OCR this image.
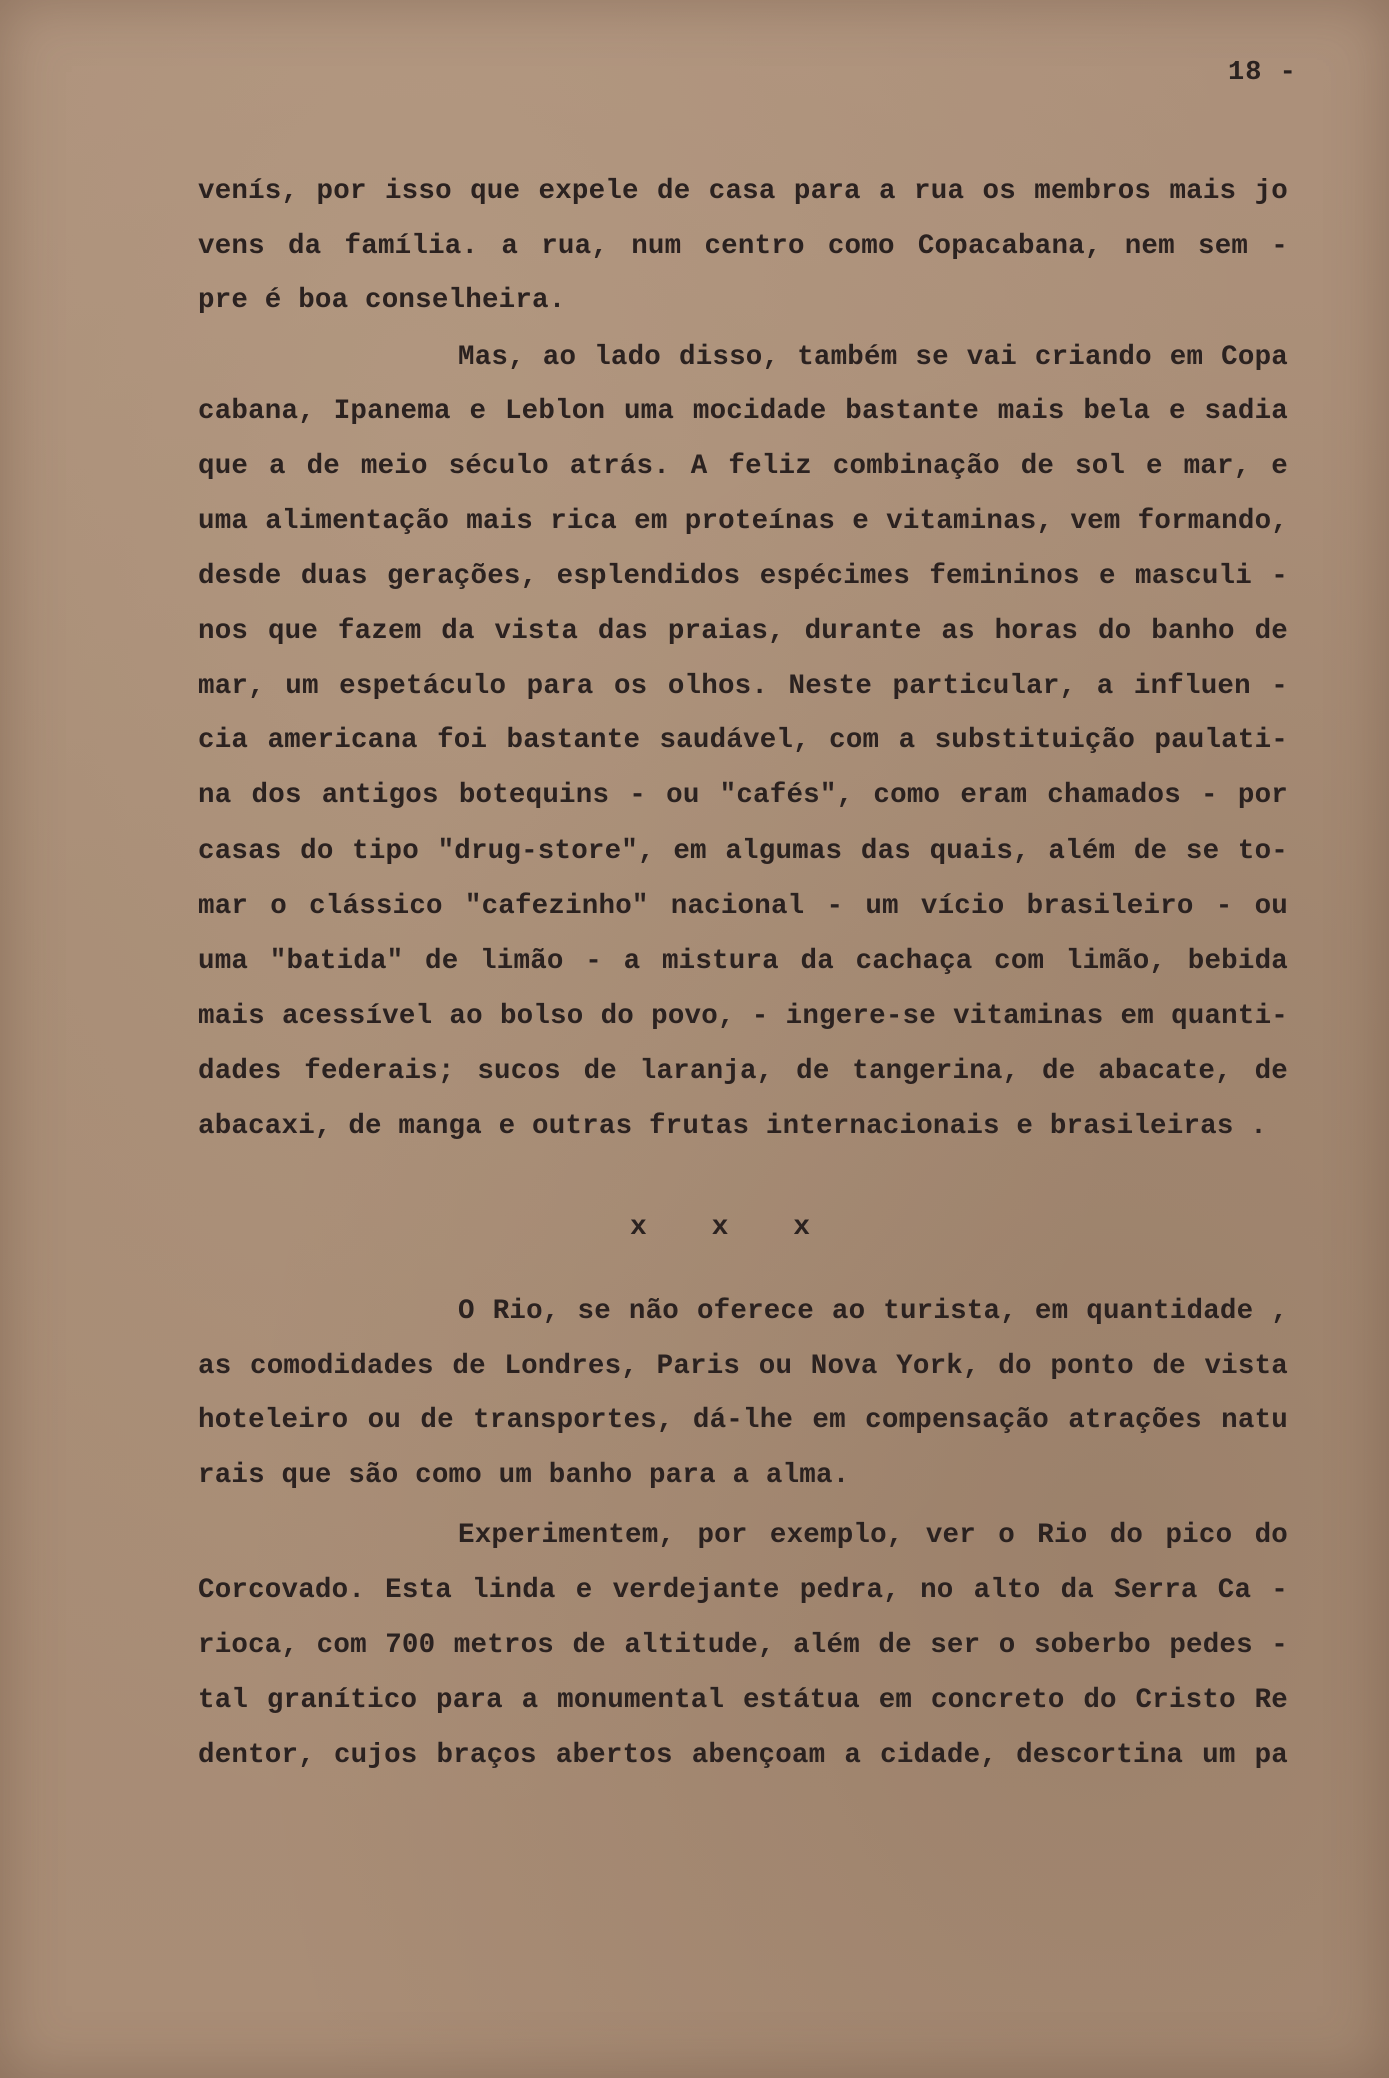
18 -
venís, por isso que expele de casa para a rua os membros mais jo
vens da família. a rua, num centro como Copacabana, nem sem -
pre é boa conselheira.
Mas, ao lado disso, também se vai criando em Copa
cabana, Ipanema e Leblon uma mocidade bastante mais bela e sadia
que a de meio século atrás. A feliz combinação de sol e mar, e
uma alimentação mais rica em proteínas e vitaminas, vem formando,
desde duas gerações, esplendidos espécimes femininos e masculi -
nos que fazem da vista das praias, durante as horas do banho de
mar, um espetáculo para os olhos. Neste particular, a influen -
cia americana foi bastante saudável, com a substituição paulati-
na dos antigos botequins - ou "cafés", como eram chamados - por
casas do tipo "drug-store", em algumas das quais, além de se to-
mar o clássico "cafezinho" nacional - um vício brasileiro - ou
uma "batida" de limão - a mistura da cachaça com limão, bebida
mais acessível ao bolso do povo, - ingere-se vitaminas em quanti-
dades federais; sucos de laranja, de tangerina, de abacate, de
abacaxi, de manga e outras frutas internacionais e brasileiras .
x x x
O Rio, se não oferece ao turista, em quantidade ,
as comodidades de Londres, Paris ou Nova York, do ponto de vista
hoteleiro ou de transportes, dá-lhe em compensação atrações natu
rais que são como um banho para a alma.
Experimentem, por exemplo, ver o Rio do pico do
Corcovado. Esta linda e verdejante pedra, no alto da Serra Ca -
rioca, com 700 metros de altitude, além de ser o soberbo pedes -
tal granítico para a monumental estátua em concreto do Cristo Re
dentor, cujos braços abertos abençoam a cidade, descortina um pa
